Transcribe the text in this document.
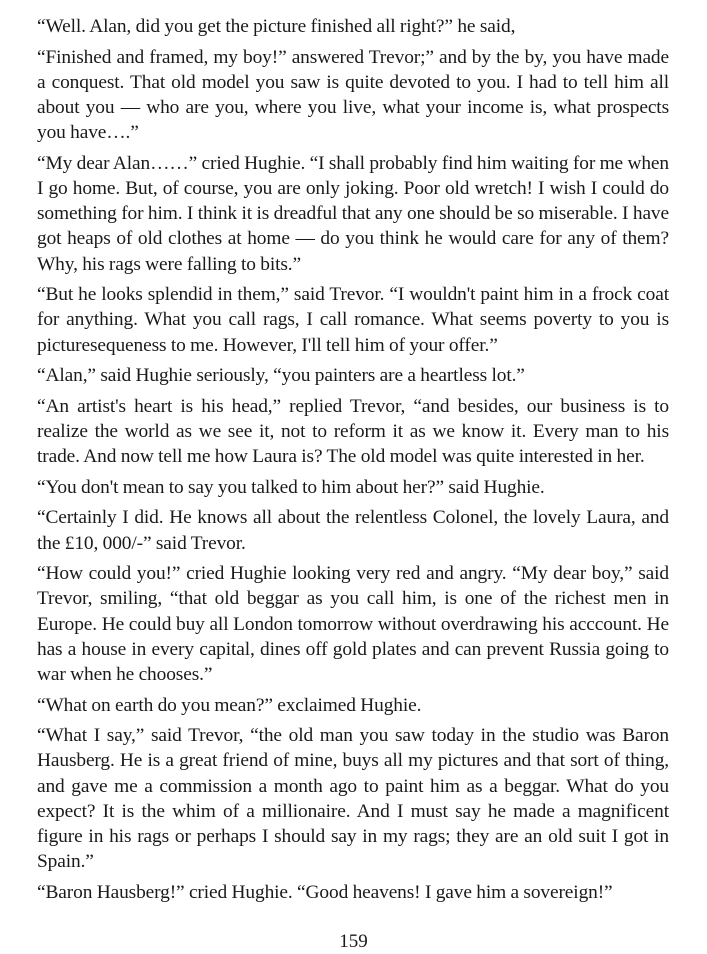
“Well. Alan, did you get the picture finished all right?” he said,

“Finished and framed, my boy!” answered Trevor;” and by the by, you have made a conquest. That old model you saw is quite devoted to you. I had to tell him all about you — who are you, where you live, what your income is, what prospects you have….”

“My dear Alan……” cried Hughie. “I shall probably find him waiting for me when I go home. But, of course, you are only joking. Poor old wretch! I wish I could do something for him. I think it is dreadful that any one should be so miserable. I have got heaps of old clothes at home — do you think he would care for any of them? Why, his rags were falling to bits.”

“But he looks splendid in them,” said Trevor. “I wouldn't paint him in a frock coat for anything. What you call rags, I call romance. What seems poverty to you is picturesequeness to me. However, I'll tell him of your offer.”

“Alan,” said Hughie seriously, “you painters are a heartless lot.”

“An artist's heart is his head,” replied Trevor, “and besides, our business is to realize the world as we see it, not to reform it as we know it. Every man to his trade. And now tell me how Laura is? The old model was quite interested in her.

“You don't mean to say you talked to him about her?” said Hughie.

“Certainly I did. He knows all about the relentless Colonel, the lovely Laura, and the £10, 000/-” said Trevor.

“How could you!” cried Hughie looking very red and angry. “My dear boy,” said Trevor, smiling, “that old beggar as you call him, is one of the richest men in Europe. He could buy all London tomorrow without overdrawing his acccount. He has a house in every capital, dines off gold plates and can prevent Russia going to war when he chooses.”

“What on earth do you mean?” exclaimed Hughie.

“What I say,” said Trevor, “the old man you saw today in the studio was Baron Hausberg. He is a great friend of mine, buys all my pictures and that sort of thing, and gave me a commission a month ago to paint him as a beggar. What do you expect? It is the whim of a millionaire. And I must say he made a magnificent figure in his rags or perhaps I should say in my rags; they are an old suit I got in Spain.”

“Baron Hausberg!” cried Hughie. “Good heavens! I gave him a sovereign!”

159
